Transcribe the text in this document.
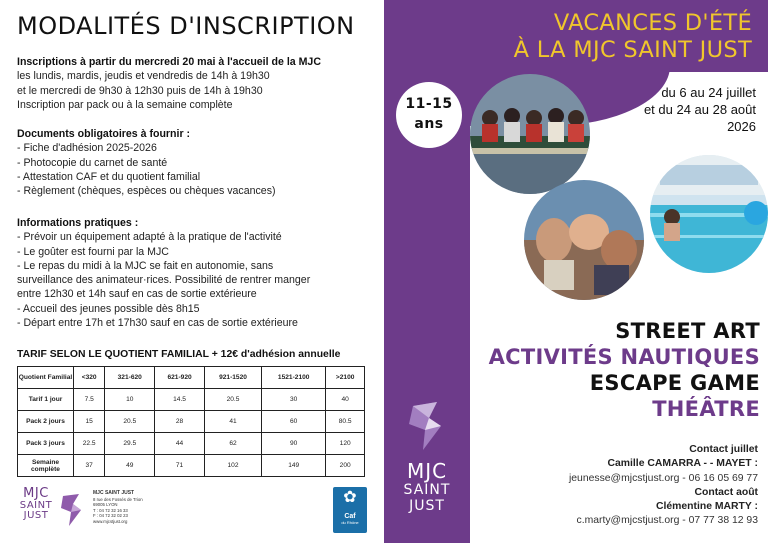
MODALITÉS D'INSCRIPTION

Inscriptions à partir du mercredi 20 mai à l'accueil de la MJC

les lundis, mardis, jeudis et vendredis de 14h à 19h30

et le mercredi de 9h30 à 12h30 puis de 14h à 19h30

Inscription par pack ou à la semaine complète

Documents obligatoires à fournir :

- Fiche d'adhésion 2025-2026

- Photocopie du carnet de santé

- Attestation CAF et du quotient familial

- Règlement (chèques, espèces ou chèques vacances)

Informations pratiques :

- Prévoir un équipement adapté à la pratique de l'activité

- Le goûter est fourni par la MJC

- Le repas du midi à la MJC se fait en autonomie, sans

surveillance des animateur·rices. Possibilité de rentrer manger

entre 12h30 et 14h sauf en cas de sortie extérieure

- Accueil des jeunes possible dès 8h15

- Départ entre 17h et 17h30 sauf en cas de sortie extérieure

TARIF SELON LE QUOTIENT FAMILIAL + 12€ d'adhésion annuelle
Quotient Familial	<320	321-620	621-920	921-1520	1521-2100	>2100
Tarif 1 jour	7.5	10	14.5	20.5	30	40
Pack 2 jours	15	20.5	28	41	60	80.5
Pack 3 jours	22.5	29.5	44	62	90	120
Semaine complète	37	49	71	102	149	200
MJC
SAINT
JUST
MJC SAINT JUST
8 rue des Fossés de Trion
69005 LYON
T : 04 72 32 16 33
F : 04 72 32 02 23
www.mjcstjust.org
✿
Caf
du Rhône
VACANCES D'ÉTÉ
À LA MJC SAINT JUST
11-15
ans
du 6 au 24 juillet
et du 24 au 28 août
2026
STREET ART
ACTIVITÉS NAUTIQUES
ESCAPE GAME
THÉÂTRE
MJC
SAINT
JUST
Contact juillet
Camille CAMARRA - - MAYET :
jeunesse@mjcstjust.org - 06 16 05 69 77
Contact août
Clémentine MARTY :
c.marty@mjcstjust.org - 07 77 38 12 93
